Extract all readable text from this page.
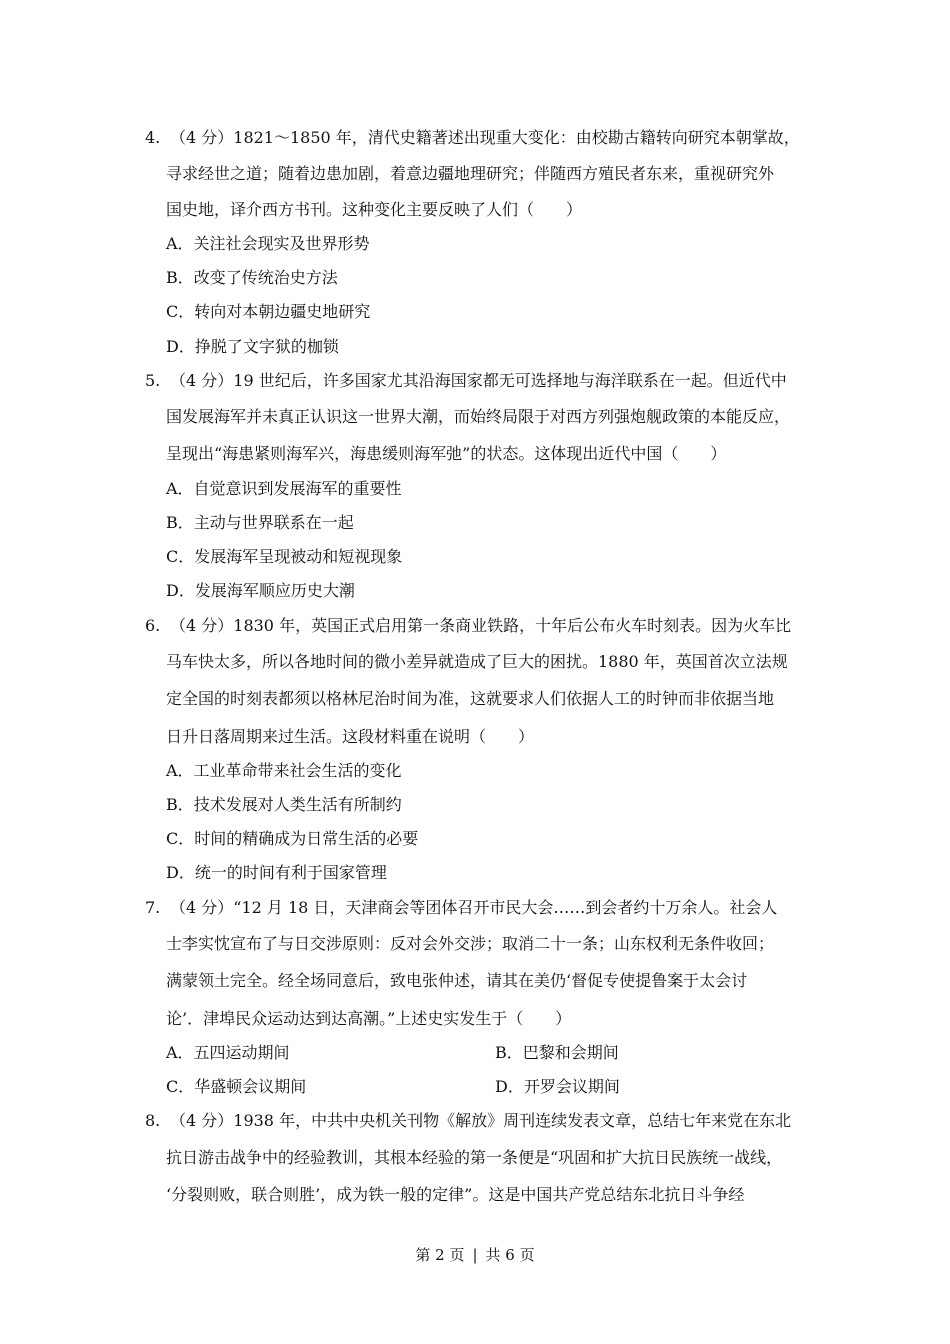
4. （4 分）1821～1850 年，清代史籍著述出现重大变化：由校勘古籍转向研究本朝掌故，
寻求经世之道；随着边患加剧，着意边疆地理研究；伴随西方殖民者东来，重视研究外
国史地，译介西方书刊。这种变化主要反映了人们（　　）
A．关注社会现实及世界形势
B．改变了传统治史方法
C．转向对本朝边疆史地研究
D．挣脱了文字狱的枷锁
5. （4 分）19 世纪后，许多国家尤其沿海国家都无可选择地与海洋联系在一起。但近代中
国发展海军并未真正认识这一世界大潮，而始终局限于对西方列强炮舰政策的本能反应，
呈现出“海患紧则海军兴，海患缓则海军弛”的状态。这体现出近代中国（　　）
A．自觉意识到发展海军的重要性
B．主动与世界联系在一起
C．发展海军呈现被动和短视现象
D．发展海军顺应历史大潮
6. （4 分）1830 年，英国正式启用第一条商业铁路，十年后公布火车时刻表。因为火车比
马车快太多，所以各地时间的微小差异就造成了巨大的困扰。1880 年，英国首次立法规
定全国的时刻表都须以格林尼治时间为准，这就要求人们依据人工的时钟而非依据当地
日升日落周期来过生活。这段材料重在说明（　　）
A．工业革命带来社会生活的变化
B．技术发展对人类生活有所制约
C．时间的精确成为日常生活的必要
D．统一的时间有利于国家管理
7. （4 分）“12 月 18 日，天津商会等团体召开市民大会……到会者约十万余人。社会人
士李实忱宣布了与日交涉原则：反对会外交涉；取消二十一条；山东权利无条件收回；
满蒙领土完全。经全场同意后，致电张仲述，请其在美仍‘督促专使提鲁案于太会讨
论’．津埠民众运动达到达高潮。”上述史实发生于（　　）
A．五四运动期间	B．巴黎和会期间
C．华盛顿会议期间	D．开罗会议期间
8. （4 分）1938 年，中共中央机关刊物《解放》周刊连续发表文章，总结七年来党在东北
抗日游击战争中的经验教训，其根本经验的第一条便是“巩固和扩大抗日民族统一战线，
‘分裂则败，联合则胜’，成为铁一般的定律”。这是中国共产党总结东北抗日斗争经
第 2 页 | 共 6 页
